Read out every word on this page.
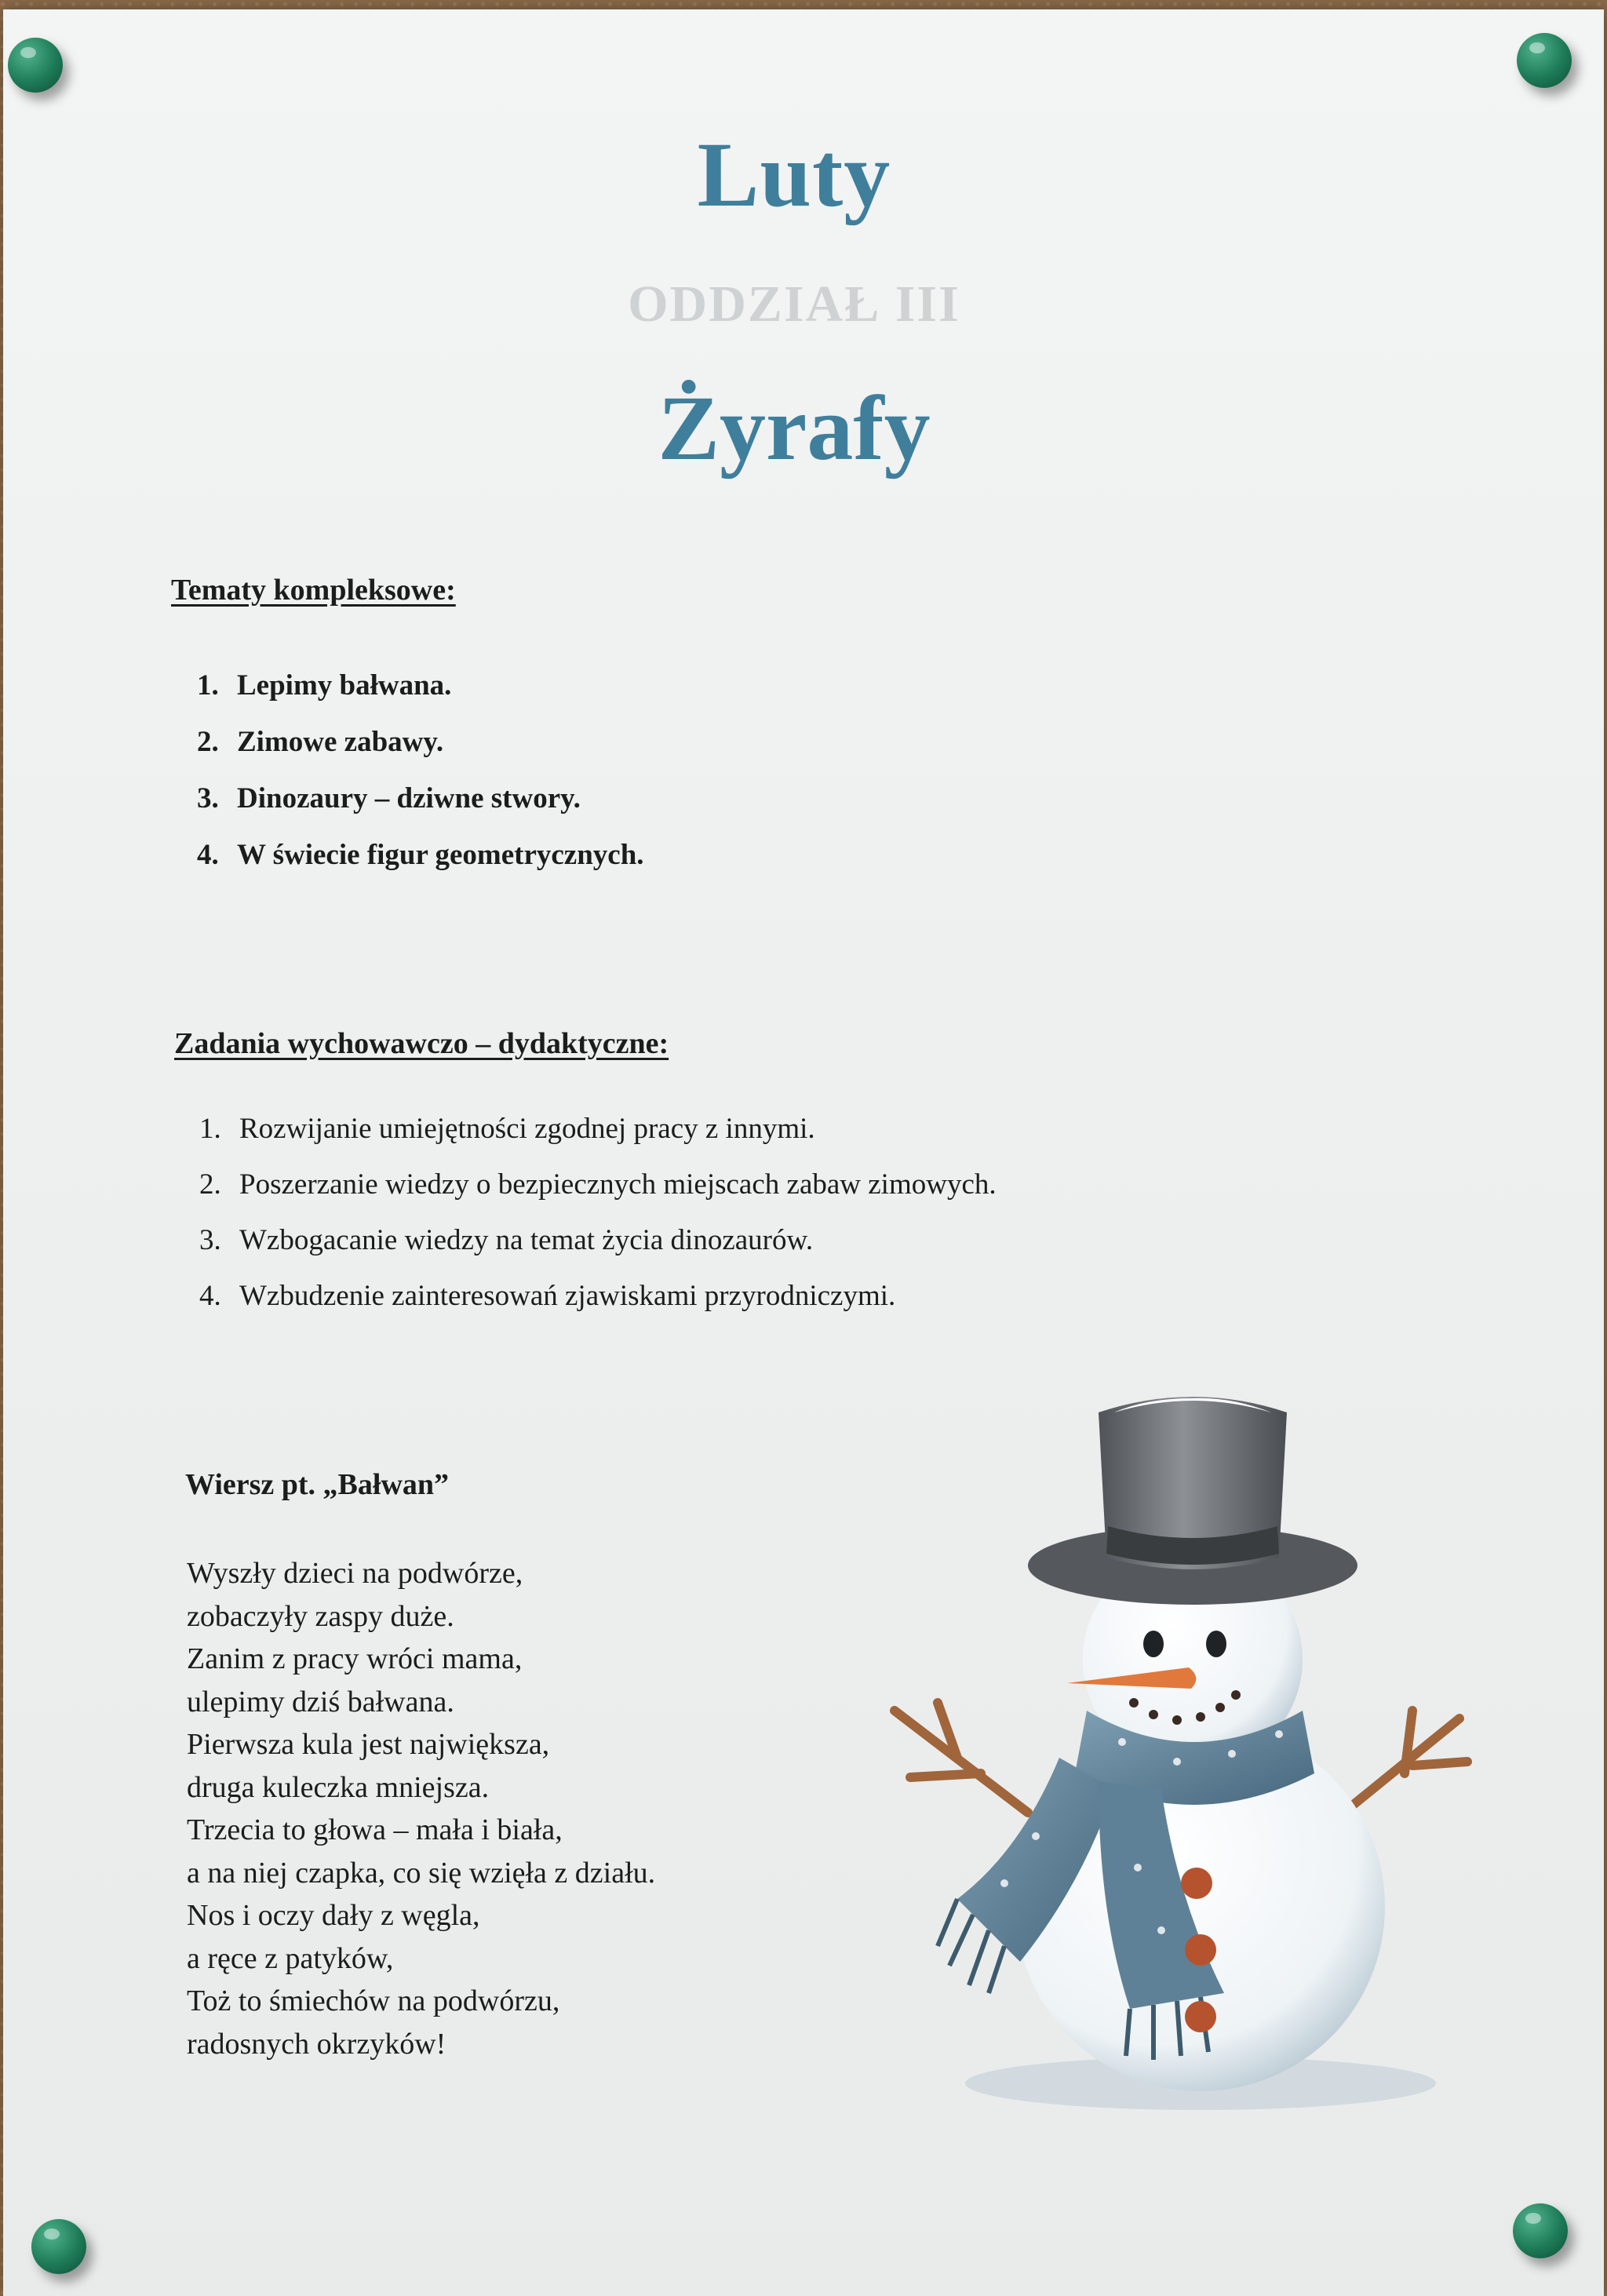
Luty
ODDZIAŁ III
Żyrafy
Tematy kompleksowe:
1. Lepimy bałwana.
2. Zimowe zabawy.
3. Dinozaury – dziwne stwory.
4. W świecie figur geometrycznych.
Zadania wychowawczo – dydaktyczne:
1. Rozwijanie umiejętności zgodnej pracy z innymi.
2. Poszerzanie wiedzy o bezpiecznych miejscach zabaw zimowych.
3. Wzbogacanie wiedzy na temat życia dinozaurów.
4. Wzbudzenie zainteresowań zjawiskami przyrodniczymi.
Wiersz pt. „Bałwan”
Wyszły dzieci na podwórze,
zobaczyły zaspy duże.
Zanim z pracy wróci mama,
ulepimy dziś bałwana.
Pierwsza kula jest największa,
druga kuleczka mniejsza.
Trzecia to głowa – mała i biała,
a na niej czapka, co się wzięła z działu.
Nos i oczy dały z węgla,
a ręce z patyków,
Toż to śmiechów na podwórzu,
radosnych okrzyków!
